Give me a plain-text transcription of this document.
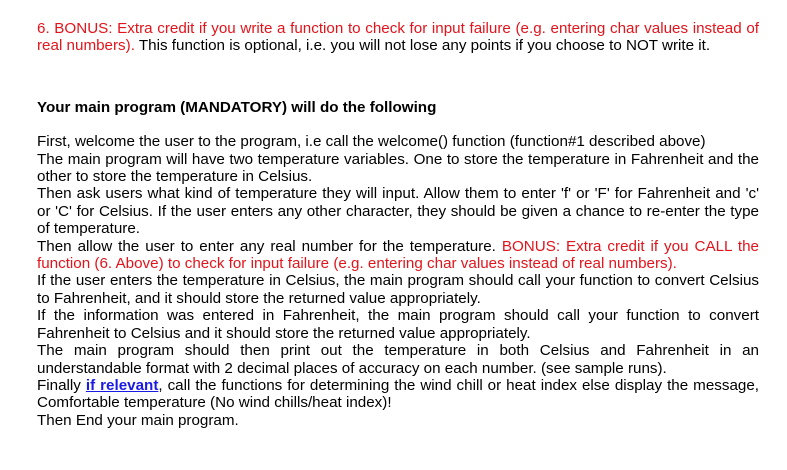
6. BONUS: Extra credit if you write a function to check for input failure (e.g. entering char values instead of real numbers). This function is optional, i.e. you will not lose any points if you choose to NOT write it.

Your main program (MANDATORY) will do the following

First, welcome the user to the program, i.e call the welcome() function (function#1 described above)
The main program will have two temperature variables. One to store the temperature in Fahrenheit and the other to store the temperature in Celsius.
Then ask users what kind of temperature they will input. Allow them to enter 'f' or 'F' for Fahrenheit and 'c' or 'C' for Celsius. If the user enters any other character, they should be given a chance to re-enter the type of temperature.
Then allow the user to enter any real number for the temperature. BONUS: Extra credit if you CALL the function (6. Above) to check for input failure (e.g. entering char values instead of real numbers).
If the user enters the temperature in Celsius, the main program should call your function to convert Celsius to Fahrenheit, and it should store the returned value appropriately.
If the information was entered in Fahrenheit, the main program should call your function to convert Fahrenheit to Celsius and it should store the returned value appropriately.
The main program should then print out the temperature in both Celsius and Fahrenheit in an understandable format with 2 decimal places of accuracy on each number. (see sample runs).
Finally if relevant, call the functions for determining the wind chill or heat index else display the message, Comfortable temperature (No wind chills/heat index)!
Then End your main program.
